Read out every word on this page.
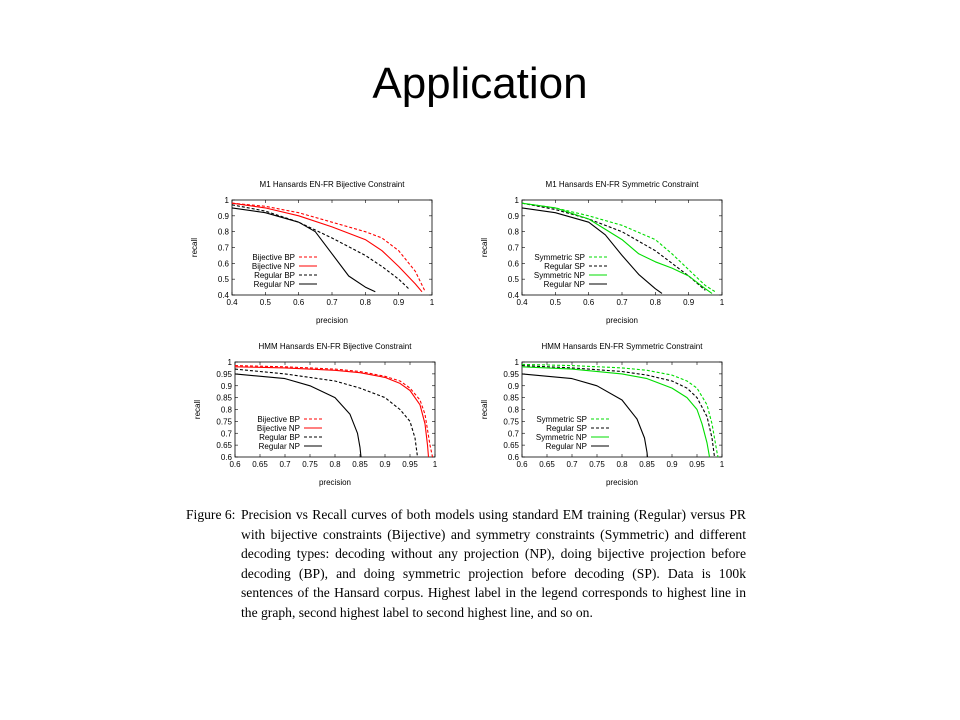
Application
M1 Hansards EN-FR Bijective Constraint
0.4	0.5	0.6	0.7	0.8	0.9	1
0.4
0.5
0.6
0.7
0.8
0.9
1
precision
recall
Bijective BP
Bijective NP
Regular BP
Regular NP
M1 Hansards EN-FR Symmetric Constraint
0.4	0.5	0.6	0.7	0.8	0.9	1
0.4
0.5
0.6
0.7
0.8
0.9
1
precision
recall
Symmetric SP
Regular SP
Symmetric NP
Regular NP
HMM Hansards EN-FR Bijective Constraint
0.6 0.65 0.7 0.75 0.8 0.85 0.9 0.95 1
0.6
0.65
0.7
0.75
0.8
0.85
0.9
0.95
1
precision
recall
Bijective BP
Bijective NP
Regular BP
Regular NP
HMM Hansards EN-FR Symmetric Constraint
0.6 0.65 0.7 0.75 0.8 0.85 0.9 0.95 1
0.6
0.65
0.7
0.75
0.8
0.85
0.9
0.95
1
precision
recall
Symmetric SP
Regular SP
Symmetric NP
Regular NP
Figure 6: Precision vs Recall curves of both models using standard EM training (Regular) versus PR with bijective constraints (Bijective) and symmetry constraints (Symmetric) and different decoding types: decoding without any projection (NP), doing bijective projection before decoding (BP), and doing symmetric projection before decoding (SP). Data is 100k sentences of the Hansard corpus. Highest label in the legend corresponds to highest line in the graph, second highest label to second highest line, and so on.
